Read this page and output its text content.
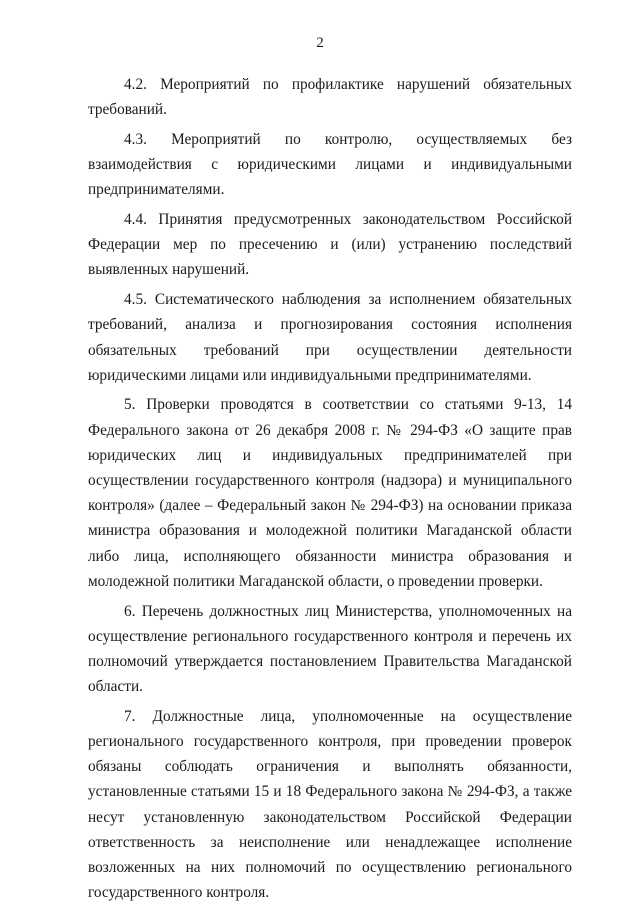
2

4.2. Мероприятий по профилактике нарушений обязательных требований.

4.3. Мероприятий по контролю, осуществляемых без взаимодействия с юридическими лицами и индивидуальными предпринимателями.

4.4. Принятия предусмотренных законодательством Российской Федерации мер по пресечению и (или) устранению последствий выявленных нарушений.

4.5. Систематического наблюдения за исполнением обязательных требований, анализа и прогнозирования состояния исполнения обязательных требований при осуществлении деятельности юридическими лицами или индивидуальными предпринимателями.

5. Проверки проводятся в соответствии со статьями 9-13, 14 Федерального закона от 26 декабря 2008 г. № 294-ФЗ «О защите прав юридических лиц и индивидуальных предпринимателей при осуществлении государственного контроля (надзора) и муниципального контроля» (далее – Федеральный закон № 294-ФЗ) на основании приказа министра образования и молодежной политики Магаданской области либо лица, исполняющего обязанности министра образования и молодежной политики Магаданской области, о проведении проверки.

6. Перечень должностных лиц Министерства, уполномоченных на осуществление регионального государственного контроля и перечень их полномочий утверждается постановлением Правительства Магаданской области.

7. Должностные лица, уполномоченные на осуществление регионального государственного контроля, при проведении проверок обязаны соблюдать ограничения и выполнять обязанности, установленные статьями 15 и 18 Федерального закона № 294-ФЗ, а также несут установленную законодательством Российской Федерации ответственность за неисполнение или ненадлежащее исполнение возложенных на них полномочий по осуществлению регионального государственного контроля.
